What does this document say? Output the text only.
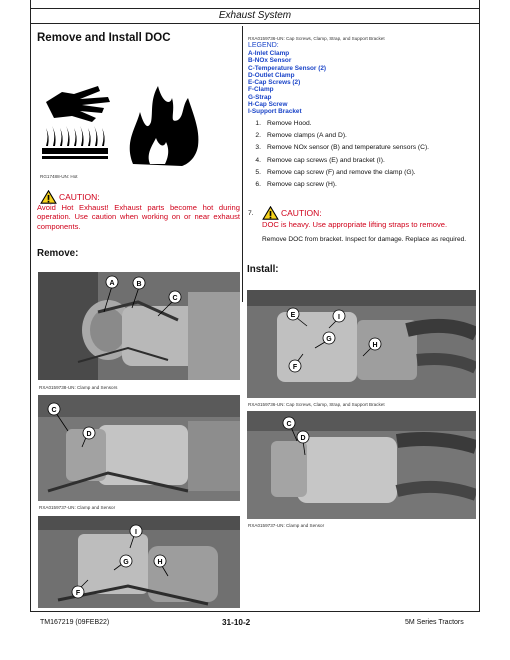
Exhaust System
Remove and Install DOC
RG17488-UN: Hot
CAUTION:
Avoid Hot Exhaust! Exhaust parts become hot during operation. Use caution when working on or near exhaust components.
Remove:
A	B
C
RXA0159738-UN: Clamp and Sensors
C
D
RXA0159737-UN: Clamp and Sensor
I
G	H
F
RXA0159736-UN: Cap Screws, Clamp, Strap, and Support Bracket
LEGEND:
A-Inlet Clamp
B-NOx Sensor
C-Temperature Sensor (2)
D-Outlet Clamp
E-Cap Screws (2)
F-Clamp
G-Strap
H-Cap Screw
I-Support Bracket
1. Remove Hood.
2. Remove clamps (A and D).
3. Remove NOx sensor (B) and temperature sensors (C).
4. Remove cap screws (E) and bracket (I).
5. Remove cap screw (F) and remove the clamp (G).
6. Remove cap screw (H).
7.	CAUTION:
DOC is heavy. Use appropriate lifting straps to remove.
Remove DOC from bracket. Inspect for damage. Replace as required.
Install:
E	I
G
H
F
RXA0159736-UN: Cap Screws, Clamp, Strap, and Support Bracket
C
D
RXA0159737-UN: Clamp and Sensor
TM167219 (09FEB22)	31-10-2	5M Series Tractors
